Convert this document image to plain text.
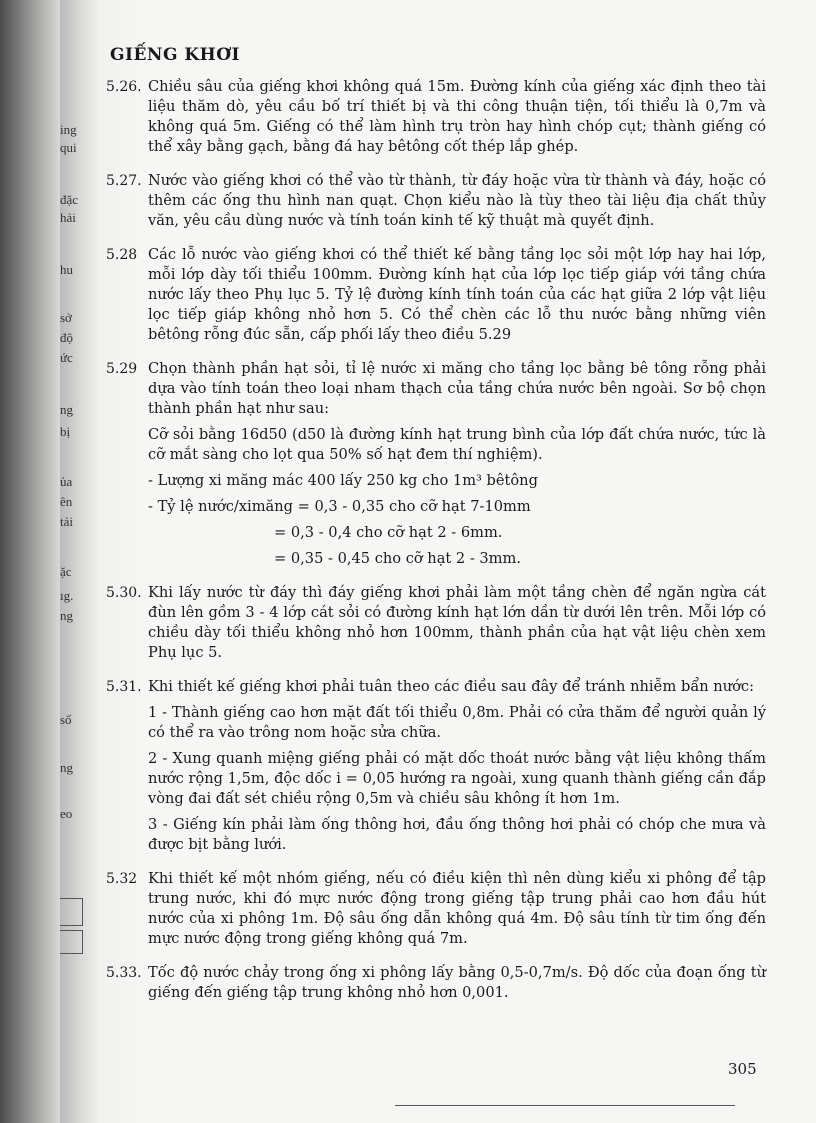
ing
qui
đặc
hải
hu
sở
độ
ức
ng
bị
ủa
ên
tải
ặc
ıg.
ng
số
ng
eo
GIẾNG KHƠI
5.26. Chiều sâu của giếng khơi không quá 15m. Đường kính của giếng xác định theo tài liệu thăm dò, yêu cầu bố trí thiết bị và thi công thuận tiện, tối thiểu là 0,7m và không quá 5m. Giếng có thể làm hình trụ tròn hay hình chóp cụt; thành giếng có thể xây bằng gạch, bằng đá hay bêtông cốt thép lắp ghép.

5.27. Nước vào giếng khơi có thể vào từ thành, từ đáy hoặc vừa từ thành và đáy, hoặc có thêm các ống thu hình nan quạt. Chọn kiểu nào là tùy theo tài liệu địa chất thủy văn, yêu cầu dùng nước và tính toán kinh tế kỹ thuật mà quyết định.

5.28 Các lỗ nước vào giếng khơi có thể thiết kế bằng tầng lọc sỏi một lớp hay hai lớp, mỗi lớp dày tối thiểu 100mm. Đường kính hạt của lớp lọc tiếp giáp với tầng chứa nước lấy theo Phụ lục 5. Tỷ lệ đường kính tính toán của các hạt giữa 2 lớp vật liệu lọc tiếp giáp không nhỏ hơn 5. Có thể chèn các lỗ thu nước bằng những viên bêtông rỗng đúc sẵn, cấp phối lấy theo điều 5.29

5.29 Chọn thành phần hạt sỏi, tỉ lệ nước xi măng cho tầng lọc bằng bê tông rỗng phải dựa vào tính toán theo loại nham thạch của tầng chứa nước bên ngoài. Sơ bộ chọn thành phần hạt như sau:

Cỡ sỏi bằng 16d50 (d50 là đường kính hạt trung bình của lớp đất chứa nước, tức là cỡ mắt sàng cho lọt qua 50% số hạt đem thí nghiệm).

- Lượng xi măng mác 400 lấy 250 kg cho 1m³ bêtông

- Tỷ lệ nước/ximăng = 0,3 - 0,35 cho cỡ hạt 7-10mm

= 0,3 - 0,4 cho cỡ hạt 2 - 6mm.

= 0,35 - 0,45 cho cỡ hạt 2 - 3mm.

5.30. Khi lấy nước từ đáy thì đáy giếng khơi phải làm một tầng chèn để ngăn ngừa cát đùn lên gồm 3 - 4 lớp cát sỏi có đường kính hạt lớn dần từ dưới lên trên. Mỗi lớp có chiều dày tối thiểu không nhỏ hơn 100mm, thành phần của hạt vật liệu chèn xem Phụ lục 5.

5.31. Khi thiết kế giếng khơi phải tuân theo các điều sau đây để tránh nhiễm bẩn nước:

1 - Thành giếng cao hơn mặt đất tối thiểu 0,8m. Phải có cửa thăm để người quản lý có thể ra vào trông nom hoặc sửa chữa.

2 - Xung quanh miệng giếng phải có mặt dốc thoát nước bằng vật liệu không thấm nước rộng 1,5m, độc dốc i = 0,05 hướng ra ngoài, xung quanh thành giếng cần đắp vòng đai đất sét chiều rộng 0,5m và chiều sâu không ít hơn 1m.

3 - Giếng kín phải làm ống thông hơi, đầu ống thông hơi phải có chóp che mưa và được bịt bằng lưới.

5.32 Khi thiết kế một nhóm giếng, nếu có điều kiện thì nên dùng kiểu xi phông để tập trung nước, khi đó mực nước động trong giếng tập trung phải cao hơn đầu hút nước của xi phông 1m. Độ sâu ống dẫn không quá 4m. Độ sâu tính từ tim ống đến mực nước động trong giếng không quá 7m.

5.33. Tốc độ nước chảy trong ống xi phông lấy bằng 0,5-0,7m/s. Độ dốc của đoạn ống từ giếng đến giếng tập trung không nhỏ hơn 0,001.

305
